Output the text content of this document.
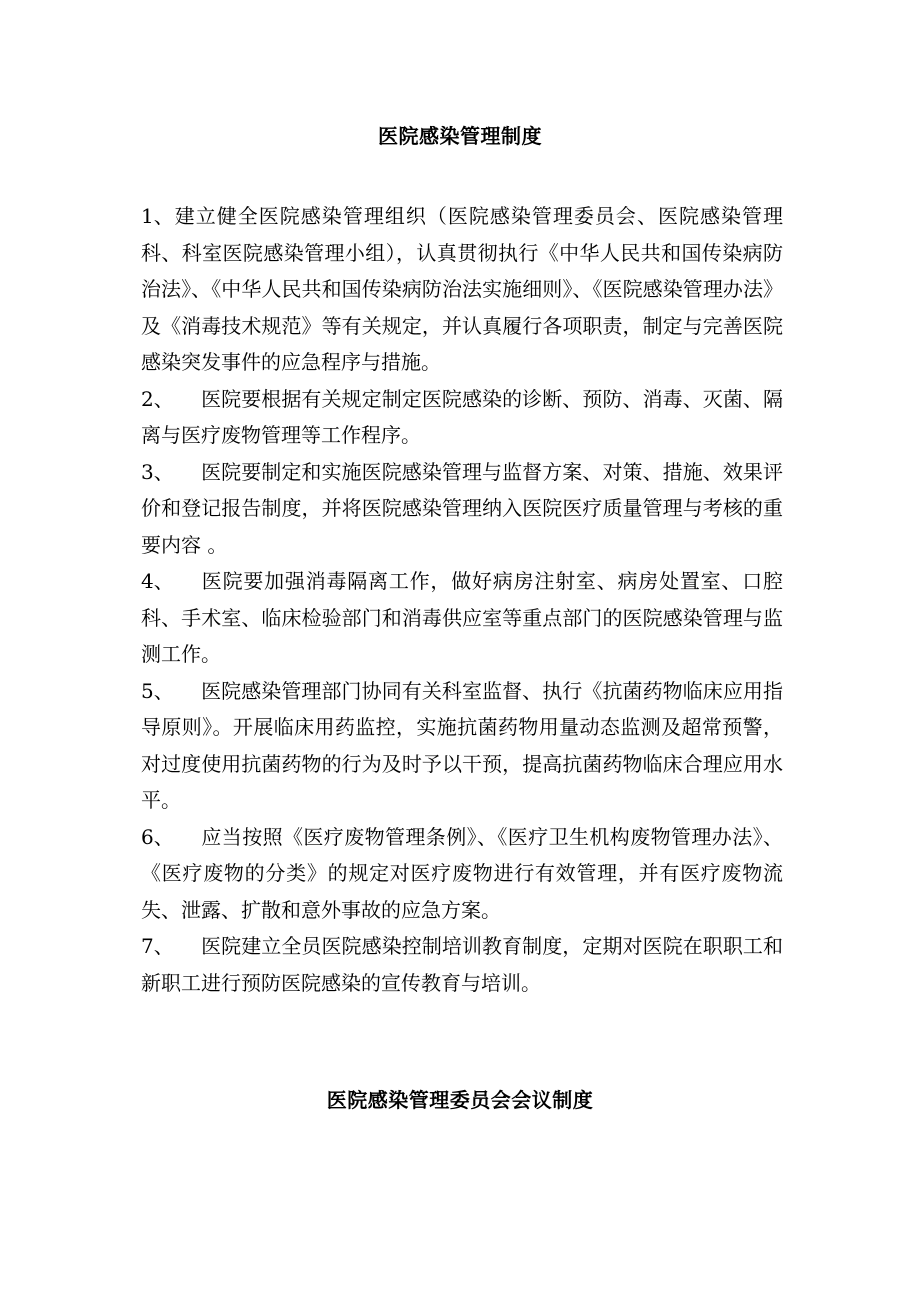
医院感染管理制度

1、建立健全医院感染管理组织（医院感染管理委员会、医院感染管理科、科室医院感染管理小组），认真贯彻执行《中华人民共和国传染病防治法》、《中华人民共和国传染病防治法实施细则》、《医院感染管理办法》及《消毒技术规范》等有关规定，并认真履行各项职责，制定与完善医院感染突发事件的应急程序与措施。

2、 医院要根据有关规定制定医院感染的诊断、预防、消毒、灭菌、隔离与医疗废物管理等工作程序。

3、 医院要制定和实施医院感染管理与监督方案、对策、措施、效果评价和登记报告制度，并将医院感染管理纳入医院医疗质量管理与考核的重要内容 。

4、 医院要加强消毒隔离工作，做好病房注射室、病房处置室、口腔科、手术室、临床检验部门和消毒供应室等重点部门的医院感染管理与监测工作。

5、 医院感染管理部门协同有关科室监督、执行《抗菌药物临床应用指导原则》。开展临床用药监控，实施抗菌药物用量动态监测及超常预警，对过度使用抗菌药物的行为及时予以干预，提高抗菌药物临床合理应用水平。

6、 应当按照《医疗废物管理条例》、《医疗卫生机构废物管理办法》、《医疗废物的分类》的规定对医疗废物进行有效管理，并有医疗废物流失、泄露、扩散和意外事故的应急方案。

7、 医院建立全员医院感染控制培训教育制度，定期对医院在职职工和新职工进行预防医院感染的宣传教育与培训。

医院感染管理委员会会议制度
